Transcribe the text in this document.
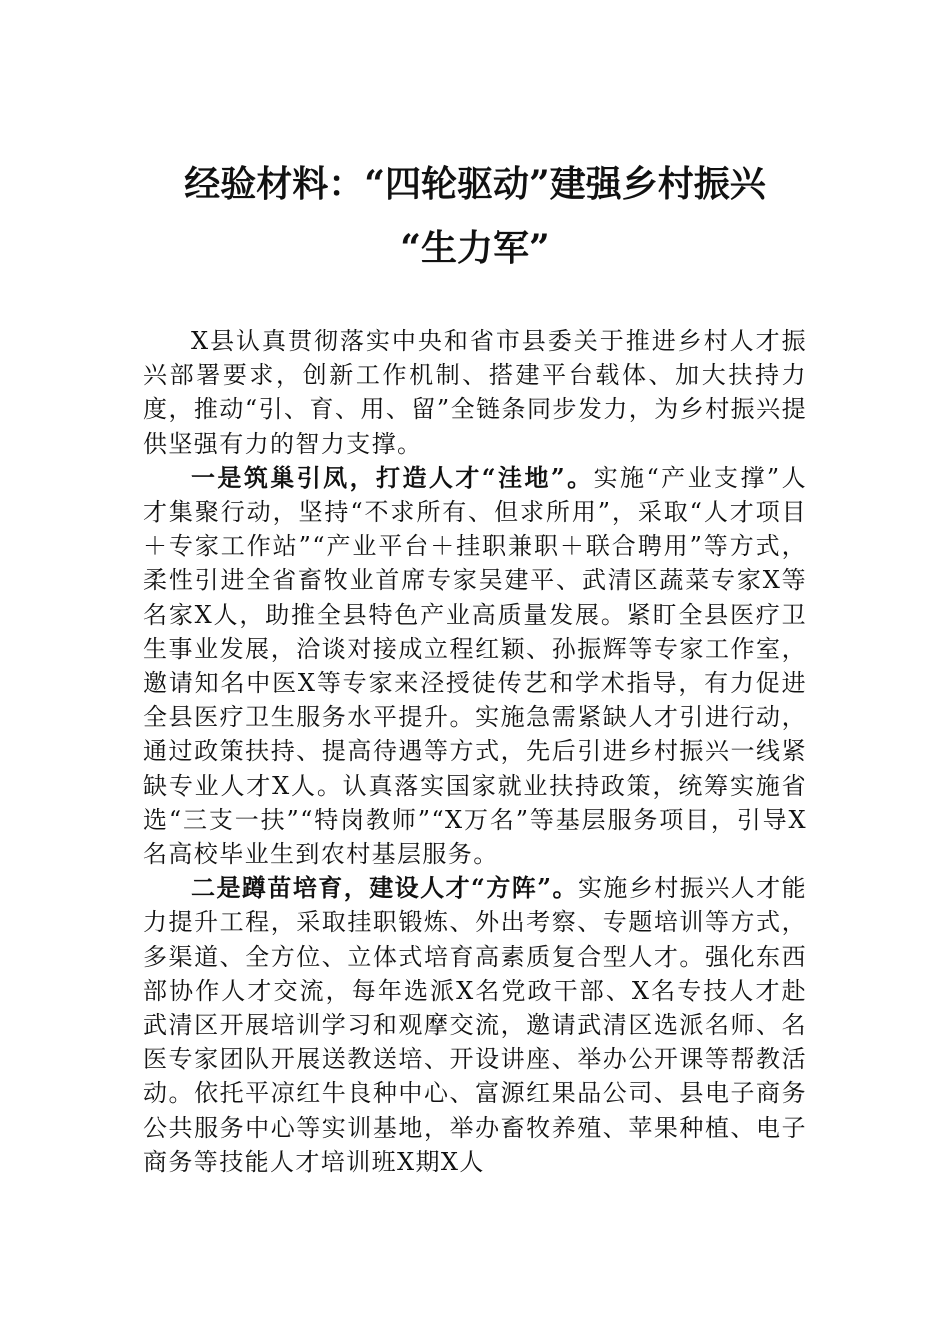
经验材料：“四轮驱动”建强乡村振兴
“生力军”

X县认真贯彻落实中央和省市县委关于推进乡村人才振兴部署要求，创新工作机制、搭建平台载体、加大扶持力度，推动“引、育、用、留”全链条同步发力，为乡村振兴提供坚强有力的智力支撑。

一是筑巢引凤，打造人才“洼地”。实施“产业支撑”人才集聚行动，坚持“不求所有、但求所用”，采取“人才项目＋专家工作站”“产业平台＋挂职兼职＋联合聘用”等方式，柔性引进全省畜牧业首席专家吴建平、武清区蔬菜专家X等名家X人，助推全县特色产业高质量发展。紧盯全县医疗卫生事业发展，洽谈对接成立程红颖、孙振辉等专家工作室，邀请知名中医X等专家来泾授徒传艺和学术指导，有力促进全县医疗卫生服务水平提升。实施急需紧缺人才引进行动，通过政策扶持、提高待遇等方式，先后引进乡村振兴一线紧缺专业人才X人。认真落实国家就业扶持政策，统筹实施省选“三支一扶”“特岗教师”“X万名”等基层服务项目，引导X名高校毕业生到农村基层服务。

二是蹲苗培育，建设人才“方阵”。实施乡村振兴人才能力提升工程，采取挂职锻炼、外出考察、专题培训等方式，多渠道、全方位、立体式培育高素质复合型人才。强化东西部协作人才交流，每年选派X名党政干部、X名专技人才赴武清区开展培训学习和观摩交流，邀请武清区选派名师、名医专家团队开展送教送培、开设讲座、举办公开课等帮教活动。依托平凉红牛良种中心、富源红果品公司、县电子商务公共服务中心等实训基地，举办畜牧养殖、苹果种植、电子商务等技能人才培训班X期X人
